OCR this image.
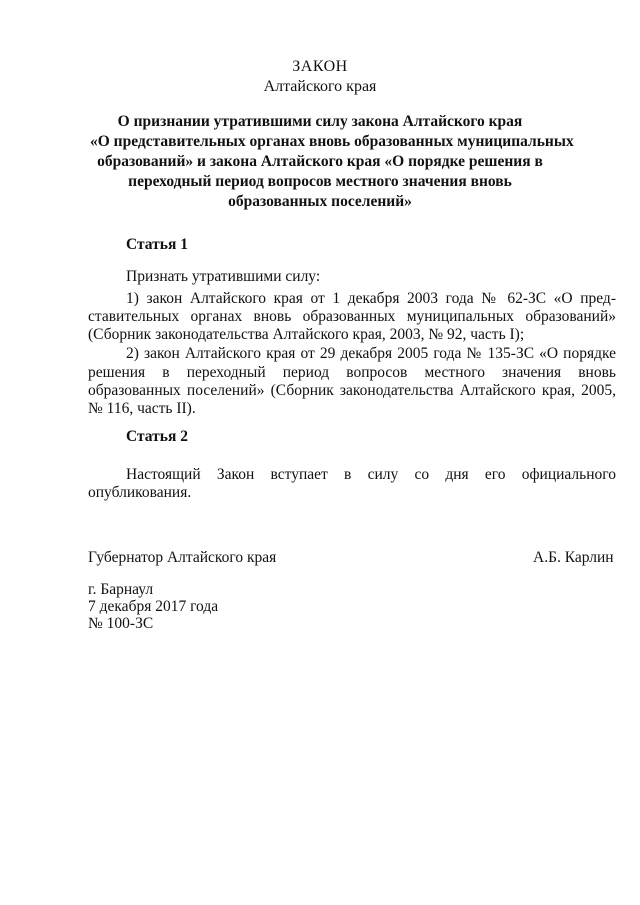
ЗАКОН
Алтайского края
О признании утратившими силу закона Алтайского края
«О представительных органах вновь образованных муниципальных
образований» и закона Алтайского края «О порядке решения в
переходный период вопросов местного значения вновь
образованных поселений»
Статья 1
Признать утратившими силу:
1) закон Алтайского края от 1 декабря 2003 года № 62-ЗС «О пред-
ставительных органах вновь образованных муниципальных образований»
(Сборник законодательства Алтайского края, 2003, № 92, часть I);
2) закон Алтайского края от 29 декабря 2005 года № 135-ЗС «О порядке
решения в переходный период вопросов местного значения вновь
образованных поселений» (Сборник законодательства Алтайского края, 2005,
№ 116, часть II).
Статья 2
Настоящий Закон вступает в силу со дня его официального
опубликования.
Губернатор Алтайского края	А.Б. Карлин
г. Барнаул
7 декабря 2017 года
№ 100-ЗС
